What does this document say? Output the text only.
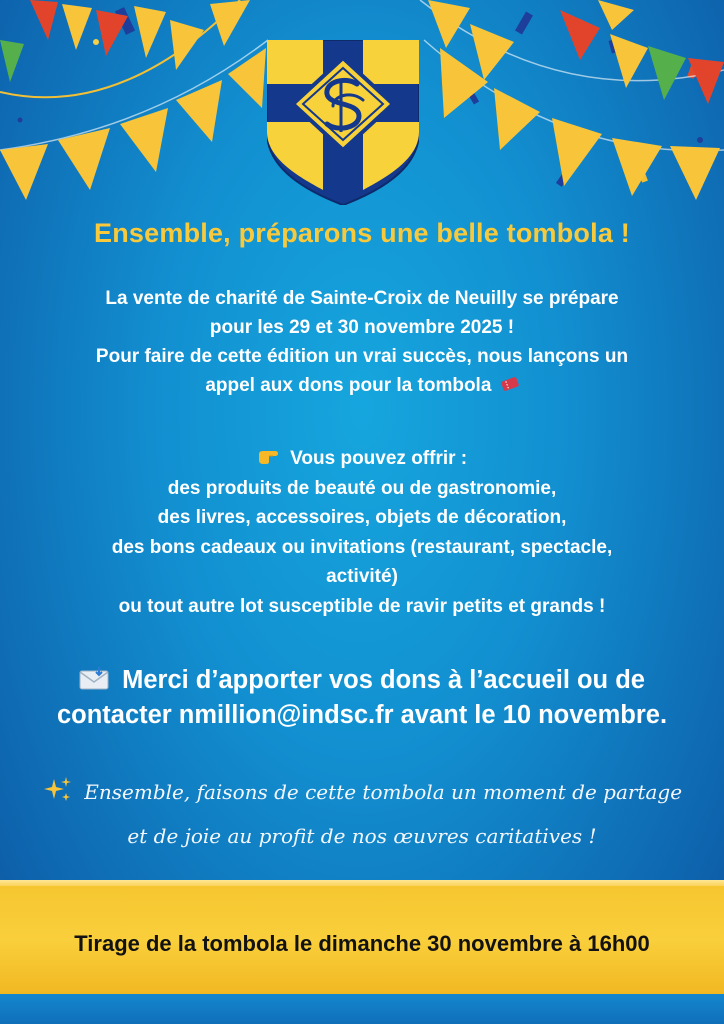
Ensemble, préparons une belle tombola !
La vente de charité de Sainte-Croix de Neuilly se prépare
pour les 29 et 30 novembre 2025 !
Pour faire de cette édition un vrai succès, nous lançons un
appel aux dons pour la tombola
Vous pouvez offrir :
des produits de beauté ou de gastronomie,
des livres, accessoires, objets de décoration,
des bons cadeaux ou invitations (restaurant, spectacle,
activité)
ou tout autre lot susceptible de ravir petits et grands !
Merci d’apporter vos dons à l’accueil ou de
contacter nmillion@indsc.fr avant le 10 novembre.
Ensemble, faisons de cette tombola un moment de partage
et de joie au profit de nos œuvres caritatives !
Tirage de la tombola le dimanche 30 novembre à 16h00
